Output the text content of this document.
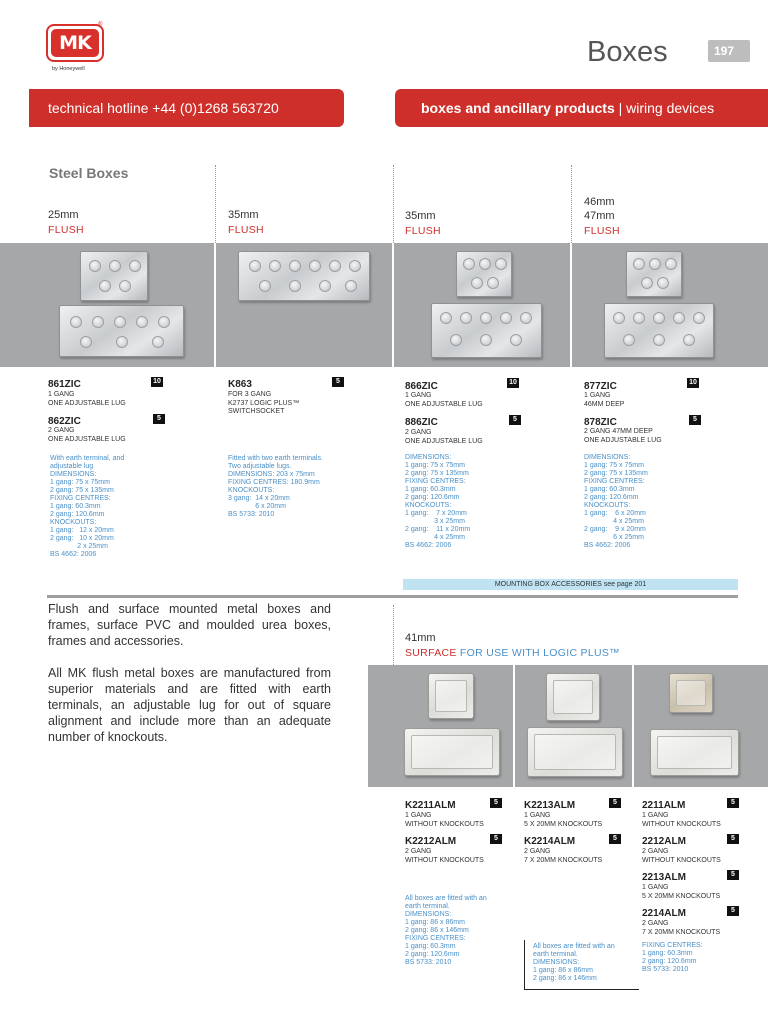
MK
®
by Honeywell
Boxes	197
technical hotline +44 (0)1268 563720	boxes and ancillary products | wiring devices
Steel Boxes
25mm
FLUSH
35mm
FLUSH
35mm
FLUSH
46mm
47mm
FLUSH
861ZIC	10
1 GANG
ONE ADJUSTABLE LUG
862ZIC	5
2 GANG
ONE ADJUSTABLE LUG
With earth terminal, and
adjustable lug
DIMENSIONS:
1 gang: 75 x 75mm
2 gang: 75 x 135mm
FIXING CENTRES:
1 gang: 60.3mm
2 gang: 120.6mm
KNOCKOUTS:
1 gang:   12 x 20mm
2 gang:   10 x 20mm
2 x 25mm
BS 4662: 2006
K863	5
FOR 3 GANG
K2737 LOGIC PLUS™
SWITCHSOCKET
Fitted with two earth terminals.
Two adjustable lugs.
DIMENSIONS: 203 x 75mm
FIXING CENTRES: 180.9mm
KNOCKOUTS:
3 gang:  14 x 20mm
6 x 20mm
BS 5733: 2010
866ZIC	10
1 GANG
ONE ADJUSTABLE LUG
886ZIC	5
2 GANG
ONE ADJUSTABLE LUG
DIMENSIONS:
1 gang: 75 x 75mm
2 gang: 75 x 135mm
FIXING CENTRES:
1 gang: 60.3mm
2 gang: 120.6mm
KNOCKOUTS:
1 gang:    7 x 20mm
3 x 25mm
2 gang:    11 x 20mm
4 x 25mm
BS 4662: 2006
877ZIC	10
1 GANG
46MM DEEP
878ZIC	5
2 GANG 47MM DEEP
ONE ADJUSTABLE LUG
DIMENSIONS:
1 gang: 75 x 75mm
2 gang: 75 x 135mm
FIXING CENTRES:
1 gang: 60.3mm
2 gang: 120.6mm
KNOCKOUTS:
1 gang:    6 x 20mm
4 x 25mm
2 gang:    9 x 20mm
6 x 25mm
BS 4662: 2006
MOUNTING BOX ACCESSORIES see page 201
Flush and surface mounted metal boxes and frames, surface PVC and moulded urea boxes, frames and accessories.
All MK flush metal boxes are manufactured from superior materials and are fitted with earth terminals, an adjustable lug for out of square alignment and include more than an adequate number of knockouts.
41mm
SURFACE FOR USE WITH LOGIC PLUS™
K2211ALM	5
1 GANG
WITHOUT KNOCKOUTS
K2212ALM	5
2 GANG
WITHOUT KNOCKOUTS
All boxes are fitted with an
earth terminal.
DIMENSIONS:
1 gang: 86 x 86mm
2 gang: 86 x 146mm
FIXING CENTRES:
1 gang: 60.3mm
2 gang: 120.6mm
BS 5733: 2010
K2213ALM	5
1 GANG
5 X 20MM KNOCKOUTS
K2214ALM	5
2 GANG
7 X 20MM KNOCKOUTS
All boxes are fitted with an
earth terminal.
DIMENSIONS:
1 gang: 86 x 86mm
2 gang: 86 x 146mm
2211ALM	5
1 GANG
WITHOUT KNOCKOUTS
2212ALM	5
2 GANG
WITHOUT KNOCKOUTS
2213ALM	5
1 GANG
5 X 20MM KNOCKOUTS
2214ALM	5
2 GANG
7 X 20MM KNOCKOUTS
FIXING CENTRES:
1 gang: 60.3mm
2 gang: 120.6mm
BS 5733: 2010
